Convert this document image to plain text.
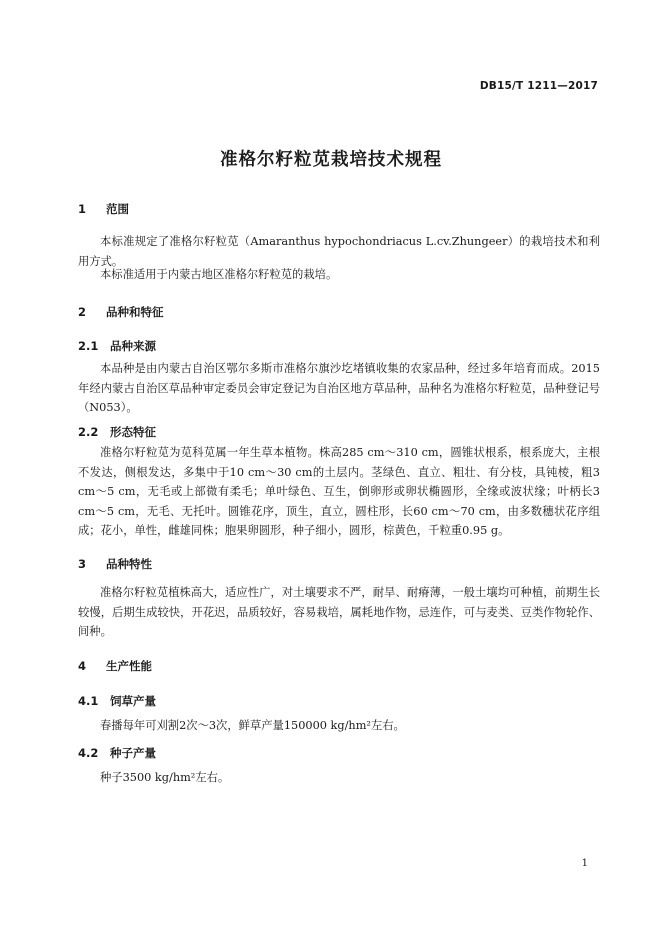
DB15/T 1211—2017
准格尔籽粒苋栽培技术规程
1 范围
本标准规定了准格尔籽粒苋（Amaranthus hypochondriacus L.cv.Zhungeer）的栽培技术和利用方式。
本标准适用于内蒙古地区准格尔籽粒苋的栽培。
2 品种和特征
2.1 品种来源
本品种是由内蒙古自治区鄂尔多斯市准格尔旗沙圪堵镇收集的农家品种，经过多年培育而成。2015年经内蒙古自治区草品种审定委员会审定登记为自治区地方草品种，品种名为准格尔籽粒苋，品种登记号（N053）。
2.2 形态特征
准格尔籽粒苋为苋科苋属一年生草本植物。株高285 cm～310 cm，圆锥状根系，根系庞大，主根不发达，侧根发达，多集中于10 cm～30 cm的土层内。茎绿色、直立、粗壮、有分枝，具钝棱，粗3 cm～5 cm，无毛或上部微有柔毛；单叶绿色、互生，倒卵形或卵状椭圆形，全缘或波状缘；叶柄长3 cm～5 cm，无毛、无托叶。圆锥花序，顶生，直立，圆柱形，长60 cm～70 cm，由多数穗状花序组成；花小，单性，雌雄同株；胞果卵圆形，种子细小，圆形，棕黄色，千粒重0.95 g。
3 品种特性
准格尔籽粒苋植株高大，适应性广，对土壤要求不严，耐旱、耐瘠薄，一般土壤均可种植，前期生长较慢，后期生成较快，开花迟，品质较好，容易栽培，属耗地作物，忌连作，可与麦类、豆类作物轮作、间种。
4 生产性能
4.1 饲草产量
春播每年可刈割2次～3次，鲜草产量150000 kg/hm²左右。
4.2 种子产量
种子3500 kg/hm²左右。
1
